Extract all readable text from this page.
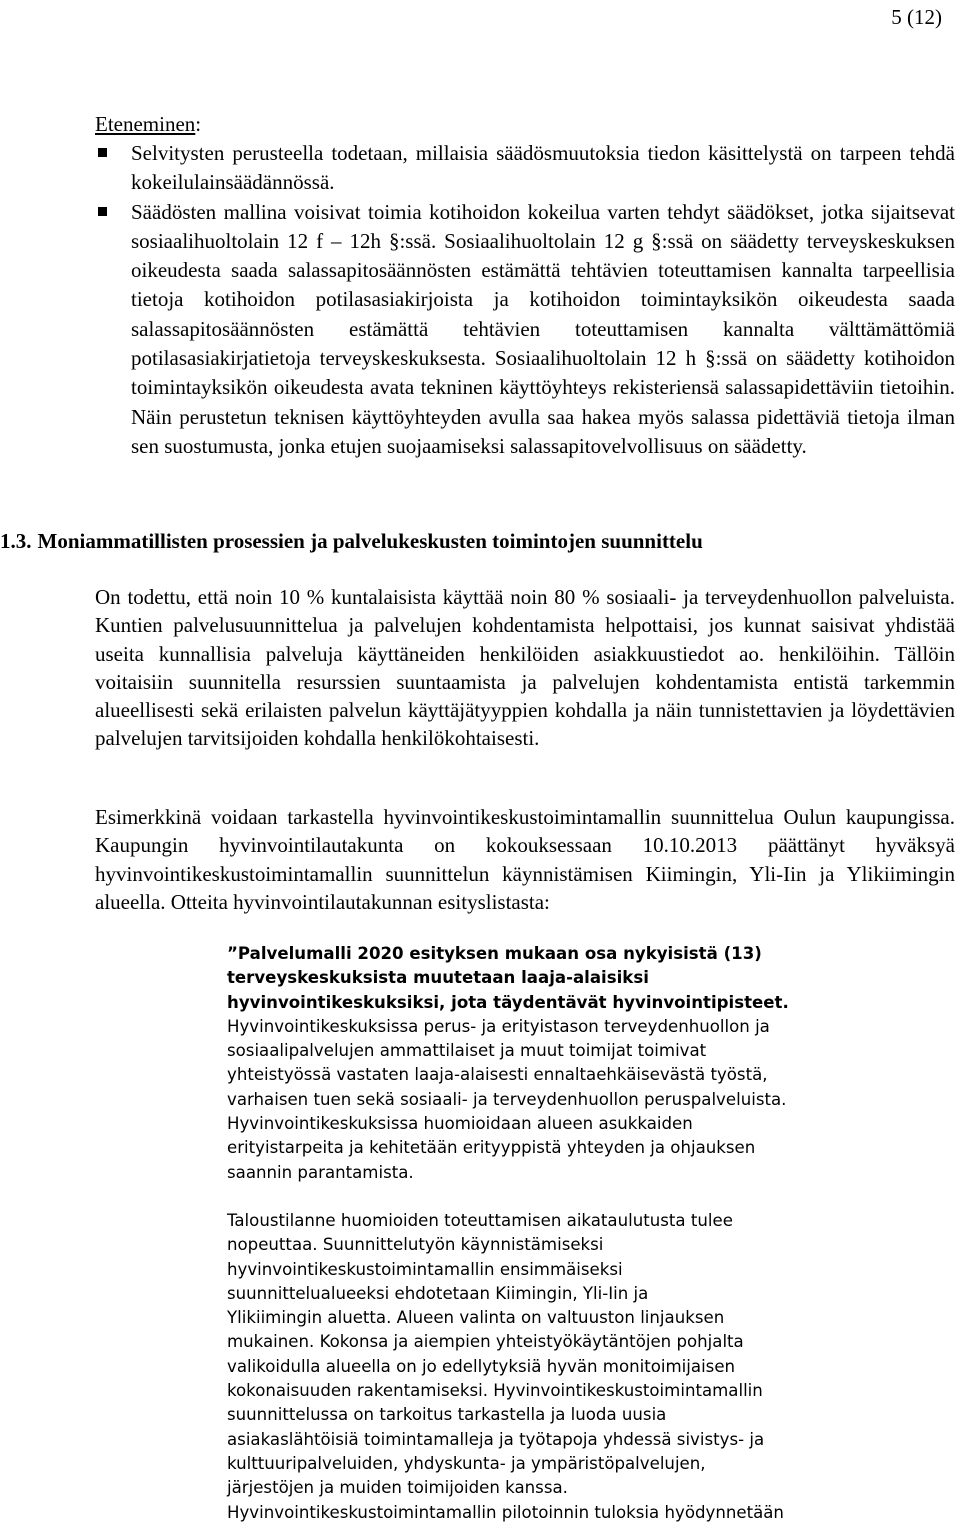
5 (12)
Eteneminen:
Selvitysten perusteella todetaan, millaisia säädösmuutoksia tiedon käsittelystä on tarpeen tehdä kokeilulainsäädännössä.
Säädösten mallina voisivat toimia kotihoidon kokeilua varten tehdyt säädökset, jotka sijaitsevat sosiaalihuoltolain 12 f – 12h §:ssä. Sosiaalihuoltolain 12 g §:ssä on säädetty terveyskeskuksen oikeudesta saada salassapitosäännösten estämättä tehtävien toteuttamisen kannalta tarpeellisia tietoja kotihoidon potilasasiakirjoista ja kotihoidon toimintayksikön oikeudesta saada salassapitosäännösten estämättä tehtävien toteuttamisen kannalta välttämättömiä potilasasiakirjatietoja terveyskeskuksesta. Sosiaalihuoltolain 12 h §:ssä on säädetty kotihoidon toimintayksikön oikeudesta avata tekninen käyttöyhteys rekisteriensä salassapidettäviin tietoihin. Näin perustetun teknisen käyttöyhteyden avulla saa hakea myös salassa pidettäviä tietoja ilman sen suostumusta, jonka etujen suojaamiseksi salassapitovelvollisuus on säädetty.
1.3. Moniammatillisten prosessien ja palvelukeskusten toimintojen suunnittelu

On todettu, että noin 10 % kuntalaisista käyttää noin 80 % sosiaali- ja terveydenhuollon palveluista. Kuntien palvelusuunnittelua ja palvelujen kohdentamista helpottaisi, jos kunnat saisivat yhdistää useita kunnallisia palveluja käyttäneiden henkilöiden asiakkuustiedot ao. henkilöihin. Tällöin voitaisiin suunnitella resurssien suuntaamista ja palvelujen kohdentamista entistä tarkemmin alueellisesti sekä erilaisten palvelun käyttäjätyyppien kohdalla ja näin tunnistettavien ja löydettävien palvelujen tarvitsijoiden kohdalla henkilökohtaisesti.

Esimerkkinä voidaan tarkastella hyvinvointikeskustoimintamallin suunnittelua Oulun kaupungissa. Kaupungin hyvinvointilautakunta on kokouksessaan 10.10.2013 päättänyt hyväksyä hyvinvointikeskustoimintamallin suunnittelun käynnistämisen Kiimingin, Yli-Iin ja Ylikiimingin alueella. Otteita hyvinvointilautakunnan esityslistasta:

”Palvelumalli 2020 esityksen mukaan osa nykyisistä (13)
terveyskeskuksista muutetaan laaja-alaisiksi
hyvinvointikeskuksiksi, jota täydentävät hyvinvointipisteet.
Hyvinvointikeskuksissa perus- ja erityistason terveydenhuollon ja
sosiaalipalvelujen ammattilaiset ja muut toimijat toimivat
yhteistyössä vastaten laaja-alaisesti ennaltaehkäisevästä työstä,
varhaisen tuen sekä sosiaali- ja terveydenhuollon peruspalveluista.
Hyvinvointikeskuksissa huomioidaan alueen asukkaiden
erityistarpeita ja kehitetään erityyppistä yhteyden ja ohjauksen
saannin parantamista.
Taloustilanne huomioiden toteuttamisen aikataulutusta tulee
nopeuttaa. Suunnittelutyön käynnistämiseksi
hyvinvointikeskustoimintamallin ensimmäiseksi
suunnittelualueeksi ehdotetaan Kiimingin, Yli-Iin ja
Ylikiimingin aluetta. Alueen valinta on valtuuston linjauksen
mukainen. Kokonsa ja aiempien yhteistyökäytäntöjen pohjalta
valikoidulla alueella on jo edellytyksiä hyvän monitoimijaisen
kokonaisuuden rakentamiseksi. Hyvinvointikeskustoimintamallin
suunnittelussa on tarkoitus tarkastella ja luoda uusia
asiakaslähtöisiä toimintamalleja ja työtapoja yhdessä sivistys- ja
kulttuuripalveluiden, yhdyskunta- ja ympäristöpalvelujen,
järjestöjen ja muiden toimijoiden kanssa.
Hyvinvointikeskustoimintamallin pilotoinnin tuloksia hyödynnetään
